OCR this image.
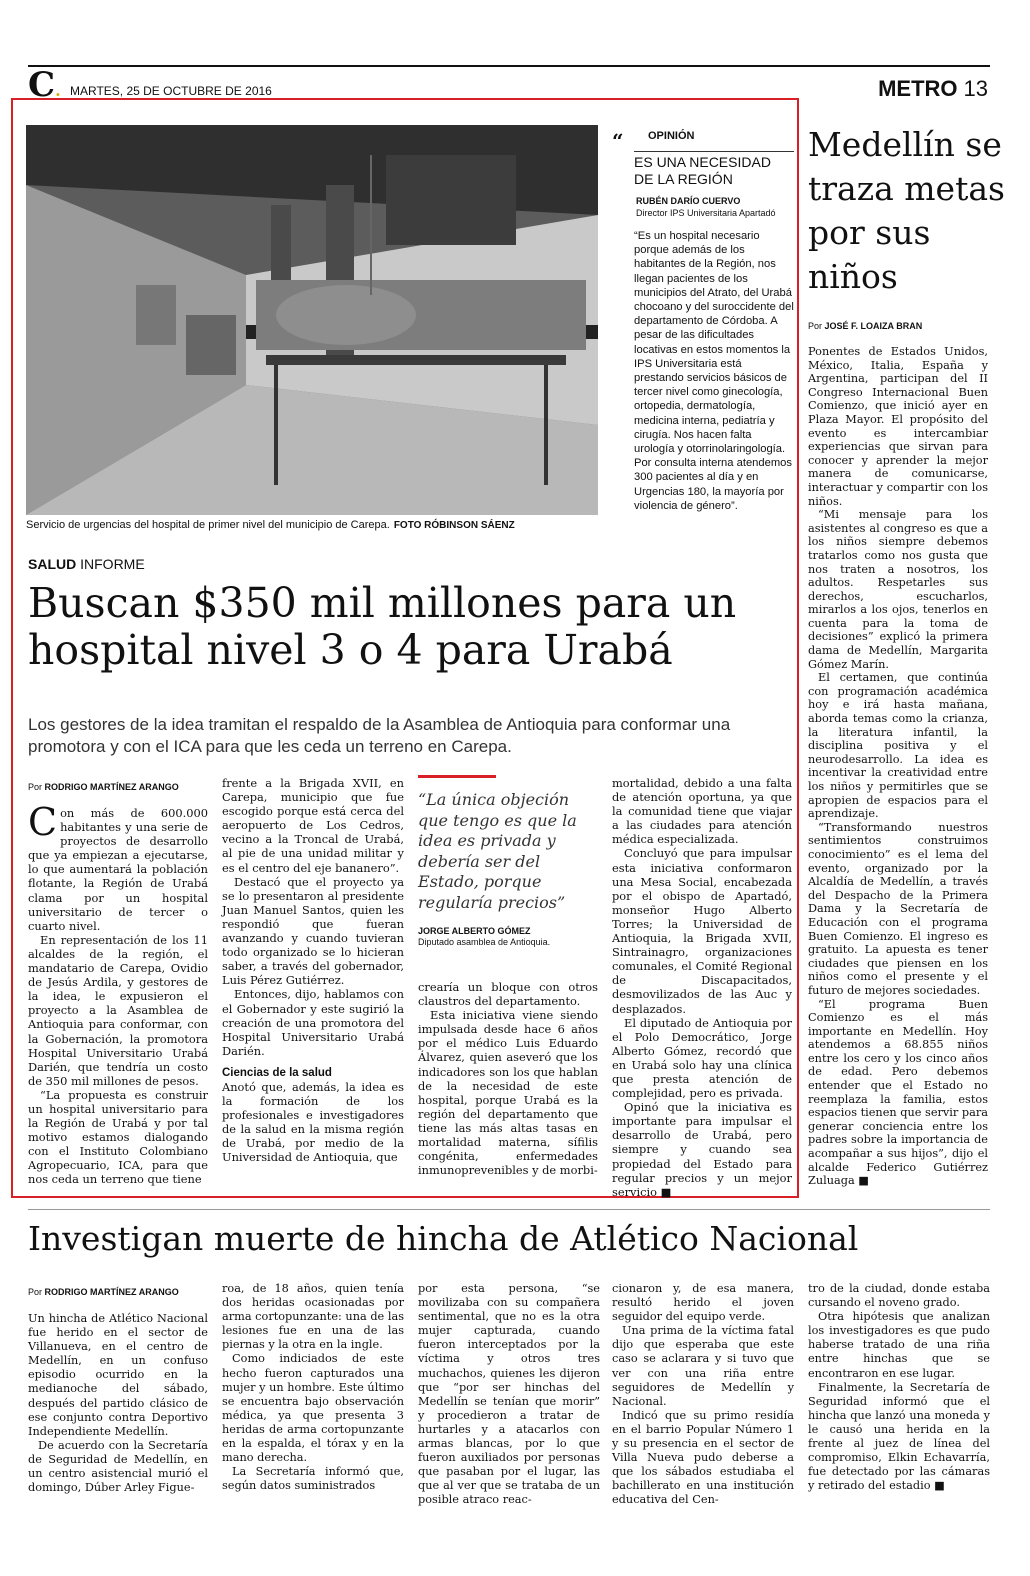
C. MARTES, 25 DE OCTUBRE DE 2016	METRO 13
Servicio de urgencias del hospital de primer nivel del municipio de Carepa. FOTO RÓBINSON SÁENZ
“ OPINIÓN
ES UNA NECESIDAD DE LA REGIÓN
RUBÉN DARÍO CUERVO
Director IPS Universitaria Apartadó
“Es un hospital necesario porque además de los habitantes de la Región, nos llegan pacientes de los municipios del Atrato, del Urabá chocoano y del suroccidente del departamento de Córdoba. A pesar de las dificultades locativas en estos momentos la IPS Universitaria está prestando servicios básicos de tercer nivel como ginecología, ortopedia, dermatología, medicina interna, pediatría y cirugía. Nos hacen falta urología y otorrinolaringología. Por consulta interna atendemos 300 pacientes al día y en Urgencias 180, la mayoría por violencia de género”.
SALUD INFORME
Buscan $350 mil millones para un hospital nivel 3 o 4 para Urabá
Los gestores de la idea tramitan el respaldo de la Asamblea de Antioquia para conformar una promotora y con el ICA para que les ceda un terreno en Carepa.
Por RODRIGO MARTÍNEZ ARANGO

Con más de 600.000 habitantes y una serie de proyectos de desarrollo que ya empiezan a ejecutarse, lo que aumentará la población flotante, la Región de Urabá clama por un hospital universitario de tercer o cuarto nivel.

En representación de los 11 alcaldes de la región, el mandatario de Carepa, Ovidio de Jesús Ardila, y gestores de la idea, le expusieron el proyecto a la Asamblea de Antioquia para conformar, con la Gobernación, la promotora Hospital Universitario Urabá Darién, que tendría un costo de 350 mil millones de pesos.

“La propuesta es construir un hospital universitario para la Región de Urabá y por tal motivo estamos dialogando con el Instituto Colombiano Agropecuario, ICA, para que nos ceda un terreno que tiene

frente a la Brigada XVII, en Carepa, municipio que fue escogido porque está cerca del aeropuerto de Los Cedros, vecino a la Troncal de Urabá, al pie de una unidad militar y es el centro del eje bananero”.

Destacó que el proyecto ya se lo presentaron al presidente Juan Manuel Santos, quien les respondió que fueran avanzando y cuando tuvieran todo organizado se lo hicieran saber, a través del gobernador, Luis Pérez Gutiérrez.

Entonces, dijo, hablamos con el Gobernador y este sugirió la creación de una promotora del Hospital Universitario Urabá Darién.

Ciencias de la salud

Anotó que, además, la idea es la formación de los profesionales e investigadores de la salud en la misma región de Urabá, por medio de la Universidad de Antioquia, que

“La única objeción que tengo es que la idea es privada y debería ser del Estado, porque regularía precios”
JORGE ALBERTO GÓMEZ
Diputado asamblea de Antioquia.

crearía un bloque con otros claustros del departamento.

Esta iniciativa viene siendo impulsada desde hace 6 años por el médico Luis Eduardo Álvarez, quien aseveró que los indicadores son los que hablan de la necesidad de este hospital, porque Urabá es la región del departamento que tiene las más altas tasas en mortalidad materna, sífilis congénita, enfermedades inmunoprevenibles y de morbi-

mortalidad, debido a una falta de atención oportuna, ya que la comunidad tiene que viajar a las ciudades para atención médica especializada.

Concluyó que para impulsar esta iniciativa conformaron una Mesa Social, encabezada por el obispo de Apartadó, monseñor Hugo Alberto Torres; la Universidad de Antioquia, la Brigada XVII, Sintrainagro, organizaciones comunales, el Comité Regional de Discapacitados, desmovilizados de las Auc y desplazados.

El diputado de Antioquia por el Polo Democrático, Jorge Alberto Gómez, recordó que en Urabá solo hay una clínica que presta atención de complejidad, pero es privada.

Opinó que la iniciativa es importante para impulsar el desarrollo de Urabá, pero siempre y cuando sea propiedad del Estado para regular precios y un mejor servicio ■

Medellín se traza metas por sus niños
Por JOSÉ F. LOAIZA BRAN

Ponentes de Estados Unidos, México, Italia, España y Argentina, participan del II Congreso Internacional Buen Comienzo, que inició ayer en Plaza Mayor. El propósito del evento es intercambiar experiencias que sirvan para conocer y aprender la mejor manera de comunicarse, interactuar y compartir con los niños.

“Mi mensaje para los asistentes al congreso es que a los niños siempre debemos tratarlos como nos gusta que nos traten a nosotros, los adultos. Respetarles sus derechos, escucharlos, mirarlos a los ojos, tenerlos en cuenta para la toma de decisiones” explicó la primera dama de Medellín, Margarita Gómez Marín.

El certamen, que continúa con programación académica hoy e irá hasta mañana, aborda temas como la crianza, la literatura infantil, la disciplina positiva y el neurodesarrollo. La idea es incentivar la creatividad entre los niños y permitirles que se apropien de espacios para el aprendizaje.

“Transformando nuestros sentimientos construimos conocimiento” es el lema del evento, organizado por la Alcaldía de Medellín, a través del Despacho de la Primera Dama y la Secretaría de Educación con el programa Buen Comienzo. El ingreso es gratuito. La apuesta es tener ciudades que piensen en los niños como el presente y el futuro de mejores sociedades.

“El programa Buen Comienzo es el más importante en Medellín. Hoy atendemos a 68.855 niños entre los cero y los cinco años de edad. Pero debemos entender que el Estado no reemplaza la familia, estos espacios tienen que servir para generar conciencia entre los padres sobre la importancia de acompañar a sus hijos”, dijo el alcalde Federico Gutiérrez Zuluaga ■

Investigan muerte de hincha de Atlético Nacional
Por RODRIGO MARTÍNEZ ARANGO

Un hincha de Atlético Nacional fue herido en el sector de Villanueva, en el centro de Medellín, en un confuso episodio ocurrido en la medianoche del sábado, después del partido clásico de ese conjunto contra Deportivo Independiente Medellín.

De acuerdo con la Secretaría de Seguridad de Medellín, en un centro asistencial murió el domingo, Dúber Arley Figue-

roa, de 18 años, quien tenía dos heridas ocasionadas por arma cortopunzante: una de las lesiones fue en una de las piernas y la otra en la ingle.

Como indiciados de este hecho fueron capturados una mujer y un hombre. Este último se encuentra bajo observación médica, ya que presenta 3 heridas de arma cortopunzante en la espalda, el tórax y en la mano derecha.

La Secretaría informó que, según datos suministrados

por esta persona, “se movilizaba con su compañera sentimental, que no es la otra mujer capturada, cuando fueron interceptados por la víctima y otros tres muchachos, quienes les dijeron que “por ser hinchas del Medellín se tenían que morir” y procedieron a tratar de hurtarles y a atacarlos con armas blancas, por lo que fueron auxiliados por personas que pasaban por el lugar, las que al ver que se trataba de un posible atraco reac-

cionaron y, de esa manera, resultó herido el joven seguidor del equipo verde.

Una prima de la víctima fatal dijo que esperaba que este caso se aclarara y si tuvo que ver con una riña entre seguidores de Medellín y Nacional.

Indicó que su primo residía en el barrio Popular Número 1 y su presencia en el sector de Villa Nueva pudo deberse a que los sábados estudiaba el bachillerato en una institución educativa del Cen-

tro de la ciudad, donde estaba cursando el noveno grado.

Otra hipótesis que analizan los investigadores es que pudo haberse tratado de una riña entre hinchas que se encontraron en ese lugar.

Finalmente, la Secretaría de Seguridad informó que el hincha que lanzó una moneda y le causó una herida en la frente al juez de línea del compromiso, Elkin Echavarría, fue detectado por las cámaras y retirado del estadio ■
